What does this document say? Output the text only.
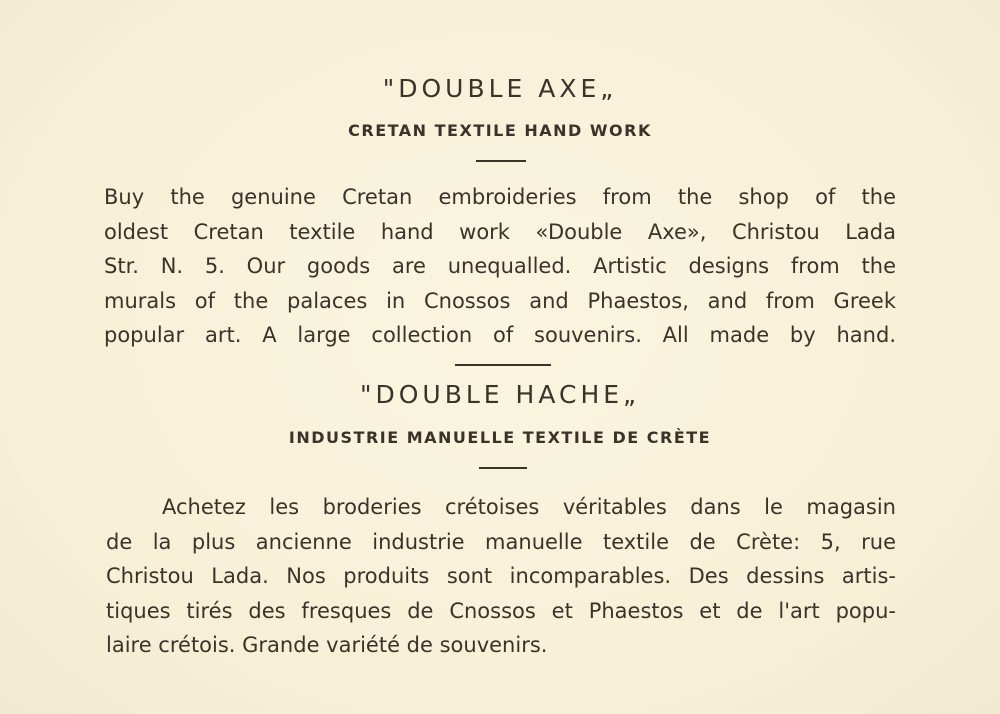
"DOUBLE AXE„
CRETAN TEXTILE HAND WORK
Buy the genuine Cretan embroideries from the shop of the
oldest Cretan textile hand work «Double Axe», Christou Lada
Str. N. 5. Our goods are unequalled. Artistic designs from the
murals of the palaces in Cnossos and Phaestos, and from Greek
popular art. A large collection of souvenirs. All made by hand.
"DOUBLE HACHE„
INDUSTRIE MANUELLE TEXTILE DE CRÈTE
Achetez les broderies crétoises véritables dans le magasin
de la plus ancienne industrie manuelle textile de Crète: 5, rue
Christou Lada. Nos produits sont incomparables. Des dessins artis-
tiques tirés des fresques de Cnossos et Phaestos et de l'art popu-
laire crétois. Grande variété de souvenirs.
